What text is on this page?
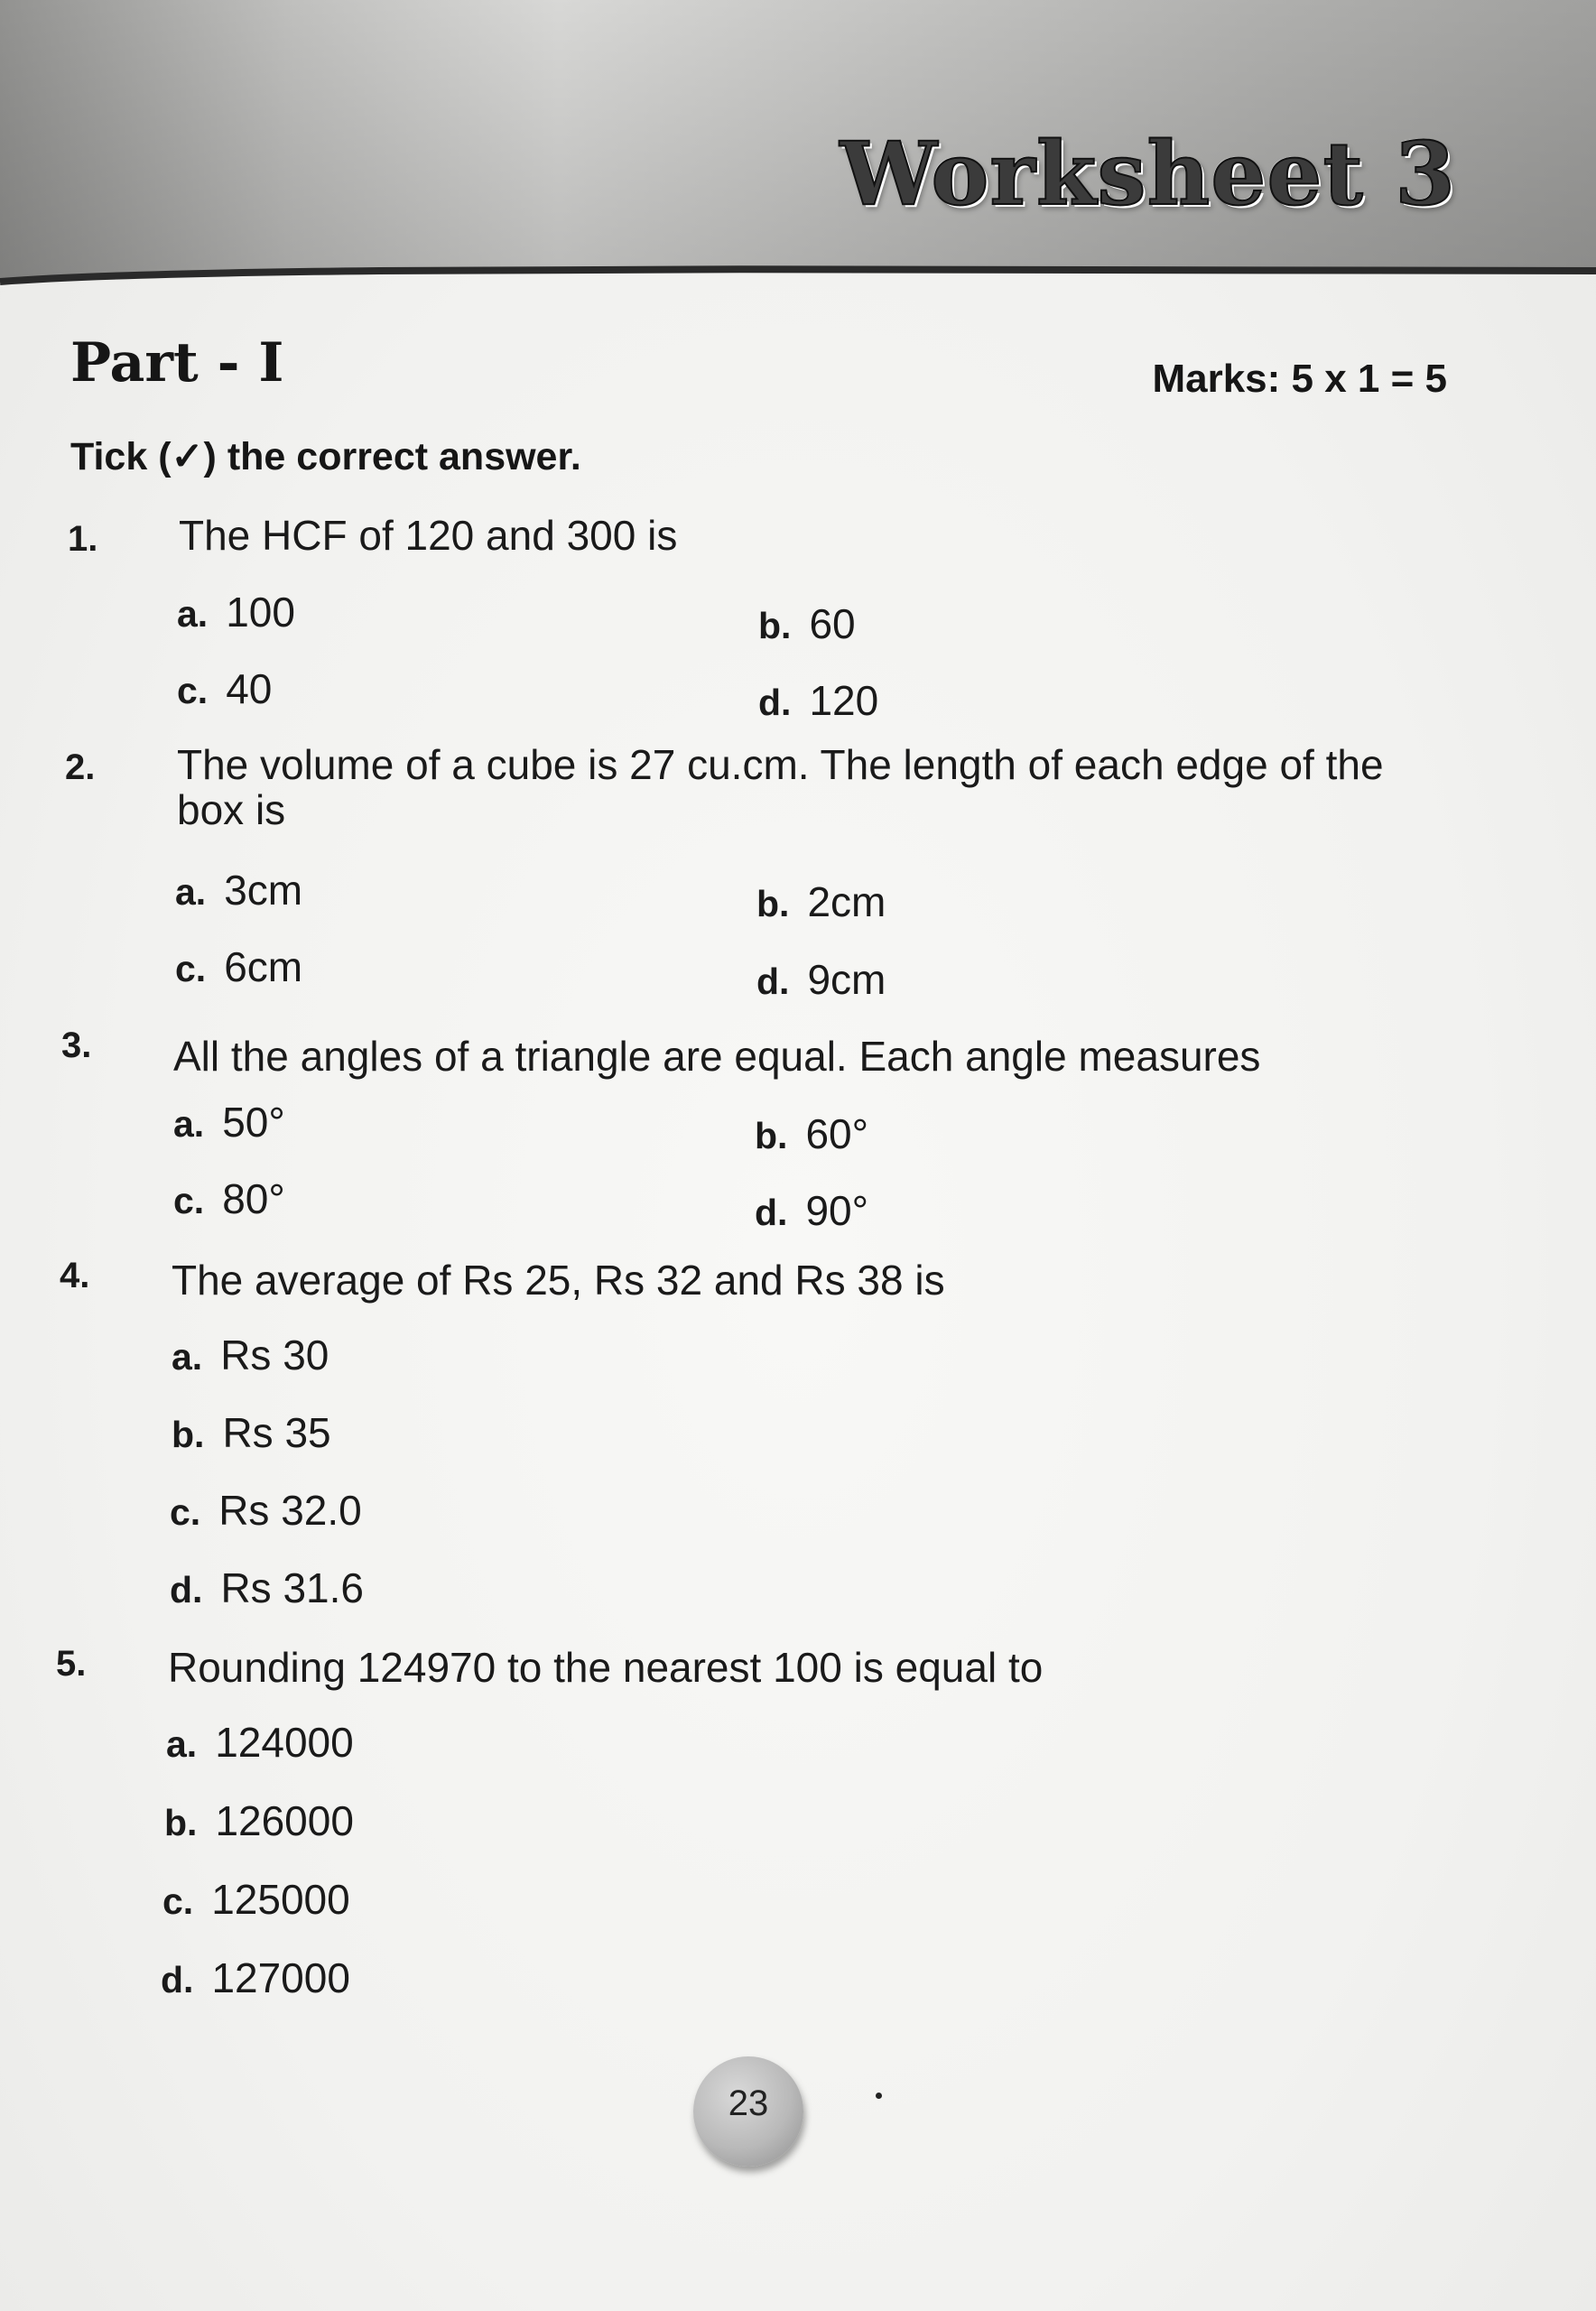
Worksheet 3
Part - I	Marks: 5 x 1 = 5
Tick (✓) the correct answer.
1. The HCF of 120 and 300 is
a. 100	b. 60
c. 40	d. 120
2. The volume of a cube is 27 cu.cm. The length of each edge of the box is
a. 3cm	b. 2cm
c. 6cm	d. 9cm
3. All the angles of a triangle are equal. Each angle measures
a. 50°	b. 60°
c. 80°	d. 90°
4. The average of Rs 25, Rs 32 and Rs 38 is
a. Rs 30
b. Rs 35
c. Rs 32.0
d. Rs 31.6
5. Rounding 124970 to the nearest 100 is equal to
a. 124000
b. 126000
c. 125000
d. 127000
23
